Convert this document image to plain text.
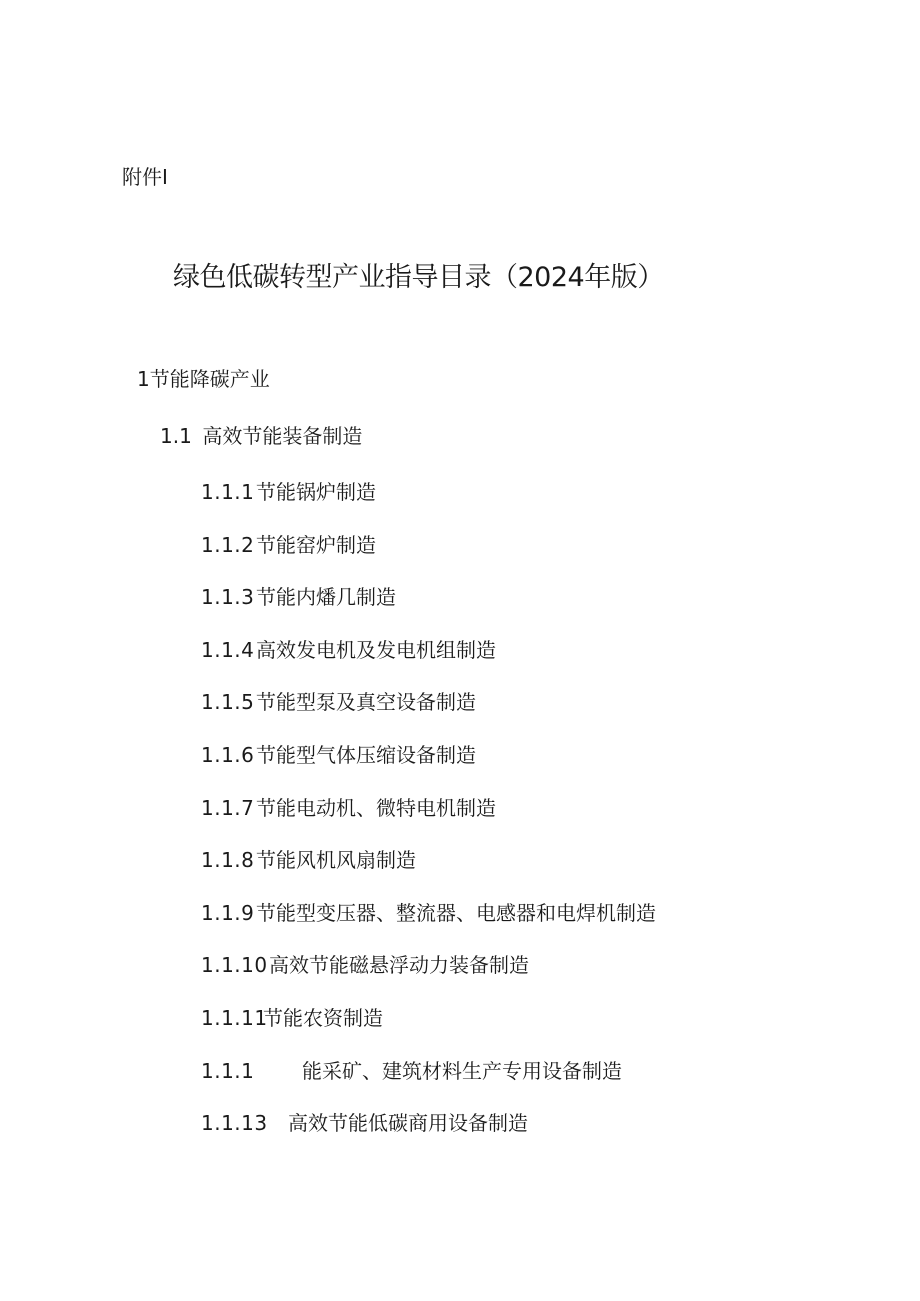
附件I
绿色低碳转型产业指导目录（2024年版）
1节能降碳产业
1.1 高效节能装备制造
1.1.1节能锅炉制造
1.1.2节能窑炉制造
1.1.3节能内燔几制造
1.1.4高效发电机及发电机组制造
1.1.5节能型泵及真空设备制造
1.1.6节能型气体压缩设备制造
1.1.7节能电动机、微特电机制造
1.1.8节能风机风扇制造
1.1.9节能型变压器、整流器、电感器和电焊机制造
1.1.10高效节能磁悬浮动力装备制造
1.1.11节能农资制造
1.1.1 能采矿、建筑材料生产专用设备制造
1.1.13 高效节能低碳商用设备制造
